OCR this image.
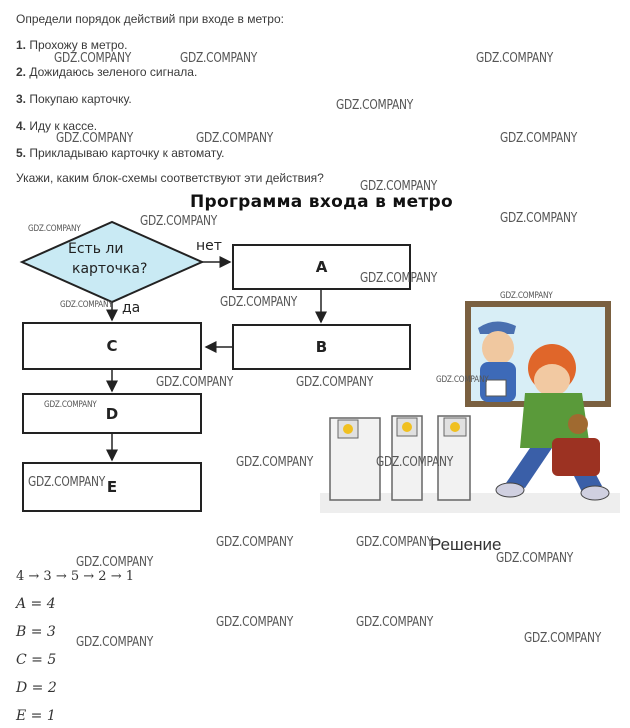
Определи порядок действий при входе в метро:
1. Прохожу в метро.
2. Дожидаюсь зеленого сигнала.
3. Покупаю карточку.
4. Иду к кассе.
5. Прикладываю карточку к автомату.
Укажи, каким блок-схемы соответствуют эти действия?
Программа входа в метро
Есть ли
карточка?
нет
да
A
B
C
D
E
Решение
4 → 3 → 5 → 2 → 1
A = 4
B = 3
C = 5
D = 2
E = 1
GDZ.COMPANY	GDZ.COMPANY	GDZ.COMPANY
GDZ.COMPANY
GDZ.COMPANY	GDZ.COMPANY	GDZ.COMPANY
GDZ.COMPANY
GDZ.COMPANY	GDZ.COMPANY
GDZ.COMPANY
GDZ.COMPANY
GDZ.COMPANY
GDZ.COMPANY	GDZ.COMPANY
GDZ.COMPANY	GDZ.COMPANY	GDZ.COMPANY
GDZ.COMPANY
GDZ.COMPANY	GDZ.COMPANY
GDZ.COMPANY
GDZ.COMPANY	GDZ.COMPANY
GDZ.COMPANY	GDZ.COMPANY
GDZ.COMPANY	GDZ.COMPANY
GDZ.COMPANY	GDZ.COMPANY
